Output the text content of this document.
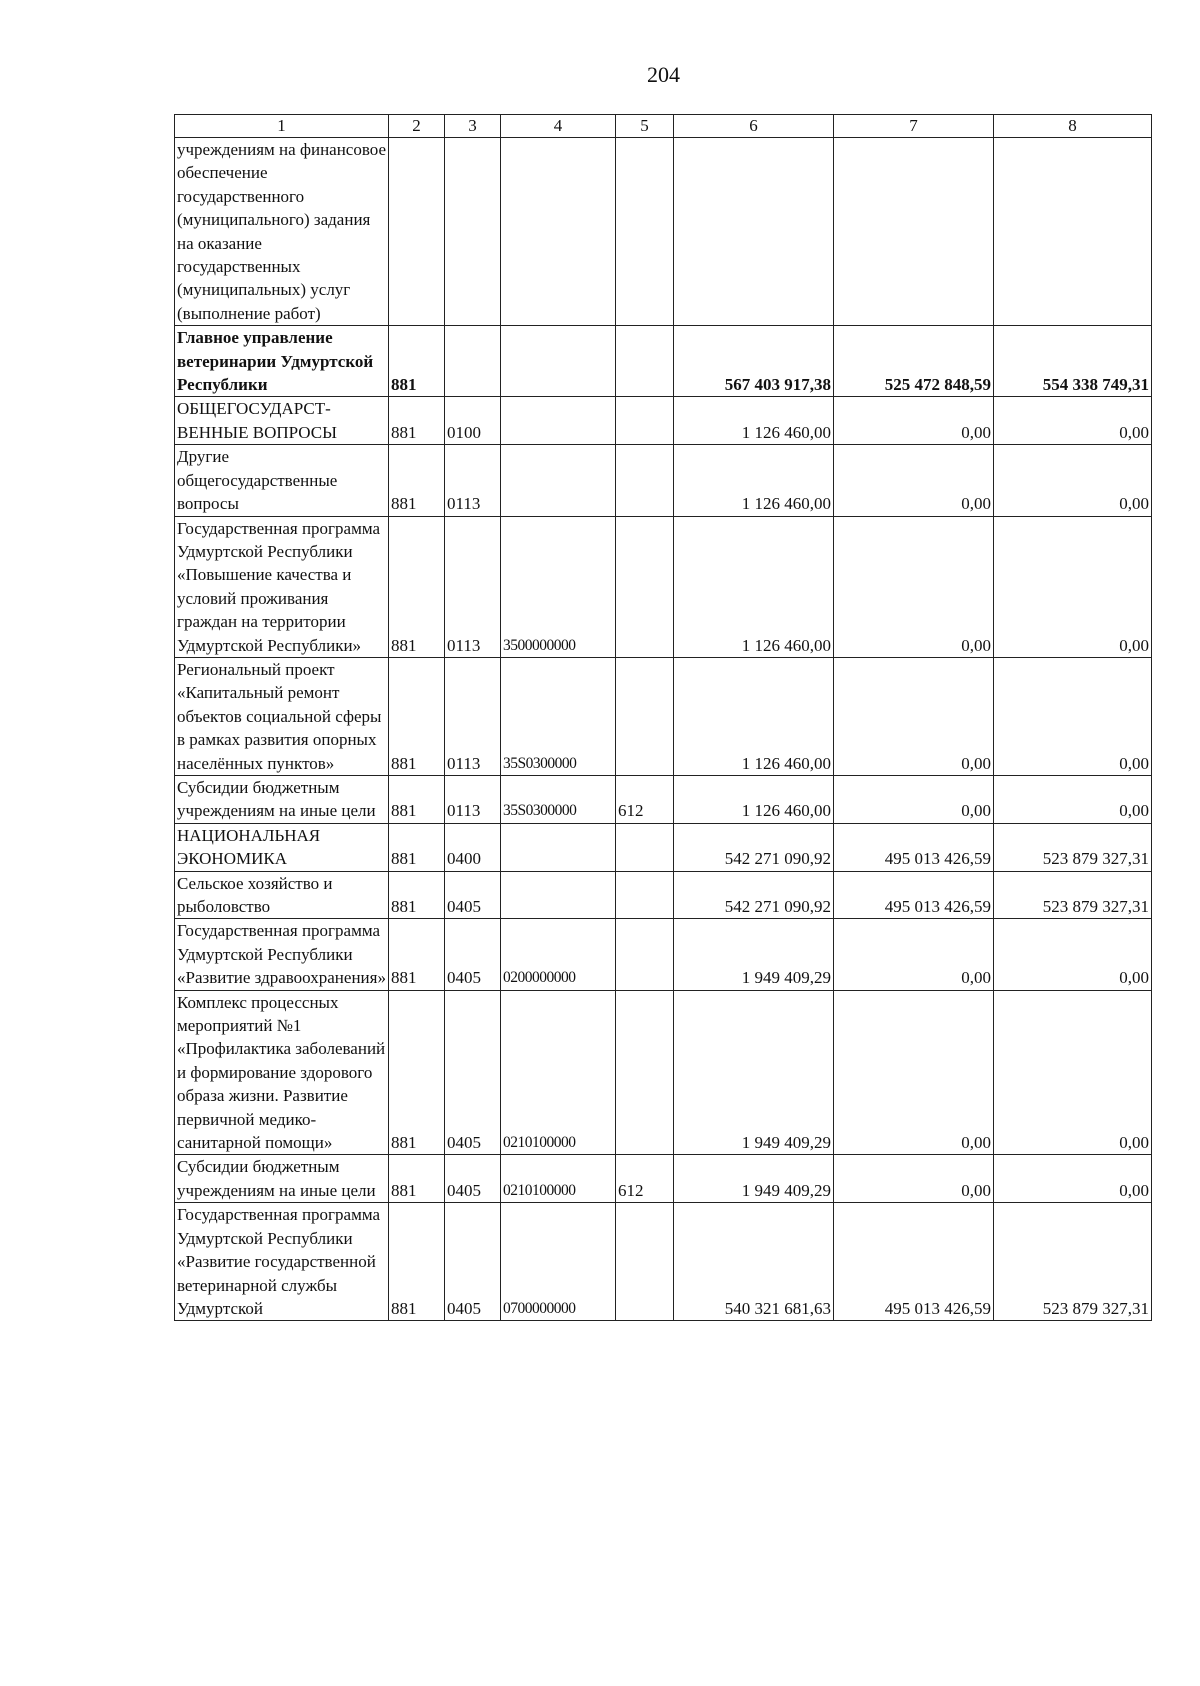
204
1	2	3	4	5	6	7	8
учреждениям на финансовое обеспечение государственного (муниципального) задания на оказание государственных (муниципальных) услуг (выполнение работ)							
Главное управление ветеринарии Удмуртской Республики	881				567 403 917,38	525 472 848,59	554 338 749,31
ОБЩЕГОСУДАРСТ-ВЕННЫЕ ВОПРОСЫ	881	0100			1 126 460,00	0,00	0,00
Другие общегосударственные вопросы	881	0113			1 126 460,00	0,00	0,00
Государственная программа Удмуртской Республики «Повышение качества и условий проживания граждан на территории Удмуртской Республики»	881	0113	3500000000		1 126 460,00	0,00	0,00
Региональный проект «Капитальный ремонт объектов социальной сферы в рамках развития опорных населённых пунктов»	881	0113	35S0300000		1 126 460,00	0,00	0,00
Субсидии бюджетным учреждениям на иные цели	881	0113	35S0300000	612	1 126 460,00	0,00	0,00
НАЦИОНАЛЬНАЯ ЭКОНОМИКА	881	0400			542 271 090,92	495 013 426,59	523 879 327,31
Сельское хозяйство и рыболовство	881	0405			542 271 090,92	495 013 426,59	523 879 327,31
Государственная программа Удмуртской Республики «Развитие здравоохранения»	881	0405	0200000000		1 949 409,29	0,00	0,00
Комплекс процессных мероприятий №1 «Профилактика заболеваний и формирование здорового образа жизни. Развитие первичной медико-санитарной помощи»	881	0405	0210100000		1 949 409,29	0,00	0,00
Субсидии бюджетным учреждениям на иные цели	881	0405	0210100000	612	1 949 409,29	0,00	0,00
Государственная программа Удмуртской Республики «Развитие государственной ветеринарной службы Удмуртской	881	0405	0700000000		540 321 681,63	495 013 426,59	523 879 327,31
